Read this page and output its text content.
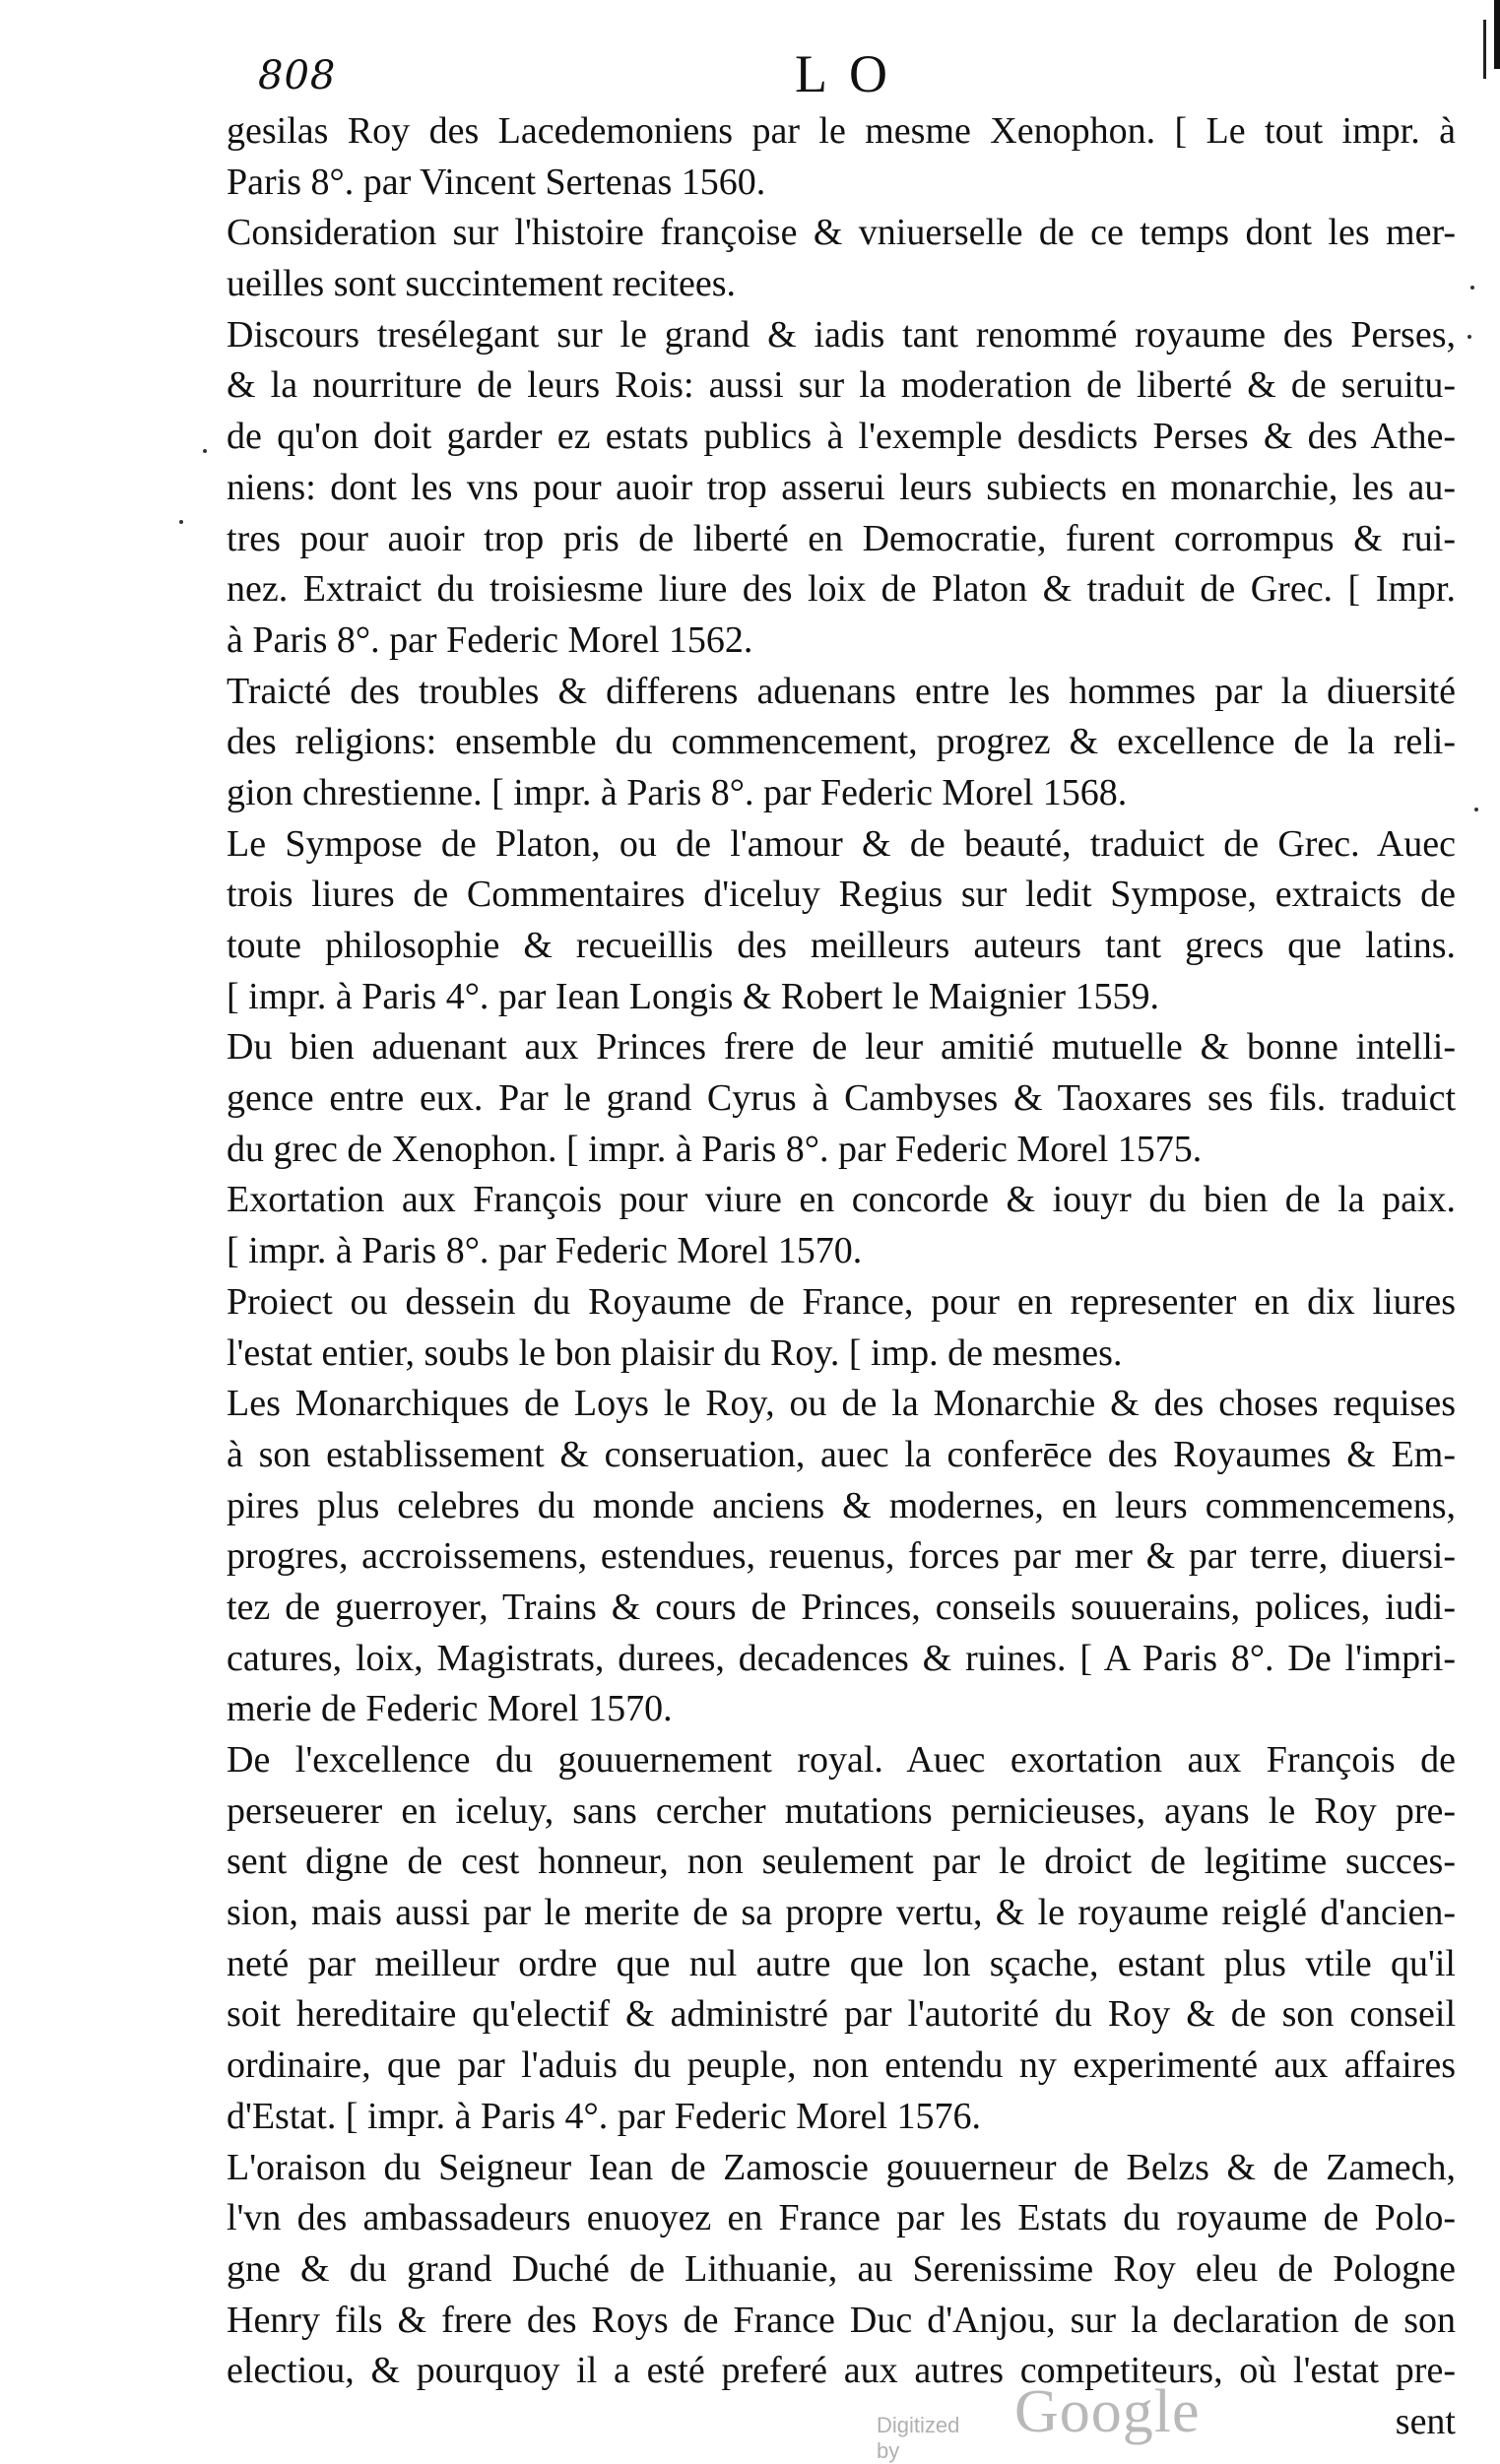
808	LO
gesilas Roy des Lacedemoniens par le mesme Xenophon. [ Le tout impr. à
Paris 8°. par Vincent Sertenas 1560.
Consideration sur l'histoire françoise & vniuerselle de ce temps dont les mer-
ueilles sont succintement recitees.
Discours tresélegant sur le grand & iadis tant renommé royaume des Perses,
& la nourriture de leurs Rois: aussi sur la moderation de liberté & de seruitu-
de qu'on doit garder ez estats publics à l'exemple desdicts Perses & des Athe-
niens: dont les vns pour auoir trop asserui leurs subiects en monarchie, les au-
tres pour auoir trop pris de liberté en Democratie, furent corrompus & rui-
nez. Extraict du troisiesme liure des loix de Platon & traduit de Grec. [ Impr.
à Paris 8°. par Federic Morel 1562.
Traicté des troubles & differens aduenans entre les hommes par la diuersité
des religions: ensemble du commencement, progrez & excellence de la reli-
gion chrestienne. [ impr. à Paris 8°. par Federic Morel 1568.
Le Sympose de Platon, ou de l'amour & de beauté, traduict de Grec. Auec
trois liures de Commentaires d'iceluy Regius sur ledit Sympose, extraicts de
toute philosophie & recueillis des meilleurs auteurs tant grecs que latins.
[ impr. à Paris 4°. par Iean Longis & Robert le Maignier 1559.
Du bien aduenant aux Princes frere de leur amitié mutuelle & bonne intelli-
gence entre eux. Par le grand Cyrus à Cambyses & Taoxares ses fils. traduict
du grec de Xenophon. [ impr. à Paris 8°. par Federic Morel 1575.
Exortation aux François pour viure en concorde & iouyr du bien de la paix.
[ impr. à Paris 8°. par Federic Morel 1570.
Proiect ou dessein du Royaume de France, pour en representer en dix liures
l'estat entier, soubs le bon plaisir du Roy. [ imp. de mesmes.
Les Monarchiques de Loys le Roy, ou de la Monarchie & des choses requises
à son establissement & conseruation, auec la conferēce des Royaumes & Em-
pires plus celebres du monde anciens & modernes, en leurs commencemens,
progres, accroissemens, estendues, reuenus, forces par mer & par terre, diuersi-
tez de guerroyer, Trains & cours de Princes, conseils souuerains, polices, iudi-
catures, loix, Magistrats, durees, decadences & ruines. [ A Paris 8°. De l'impri-
merie de Federic Morel 1570.
De l'excellence du gouuernement royal. Auec exortation aux François de
perseuerer en iceluy, sans cercher mutations pernicieuses, ayans le Roy pre-
sent digne de cest honneur, non seulement par le droict de legitime succes-
sion, mais aussi par le merite de sa propre vertu, & le royaume reiglé d'ancien-
neté par meilleur ordre que nul autre que lon sçache, estant plus vtile qu'il
soit hereditaire qu'electif & administré par l'autorité du Roy & de son conseil
ordinaire, que par l'aduis du peuple, non entendu ny experimenté aux affaires
d'Estat. [ impr. à Paris 4°. par Federic Morel 1576.
L'oraison du Seigneur Iean de Zamoscie gouuerneur de Belzs & de Zamech,
l'vn des ambassadeurs enuoyez en France par les Estats du royaume de Polo-
gne & du grand Duché de Lithuanie, au Serenissime Roy eleu de Pologne
Henry fils & frere des Roys de France Duc d'Anjou, sur la declaration de son
electiou, & pourquoy il a esté preferé aux autres competiteurs, où l'estat pre-
sent
Digitized by
Google
